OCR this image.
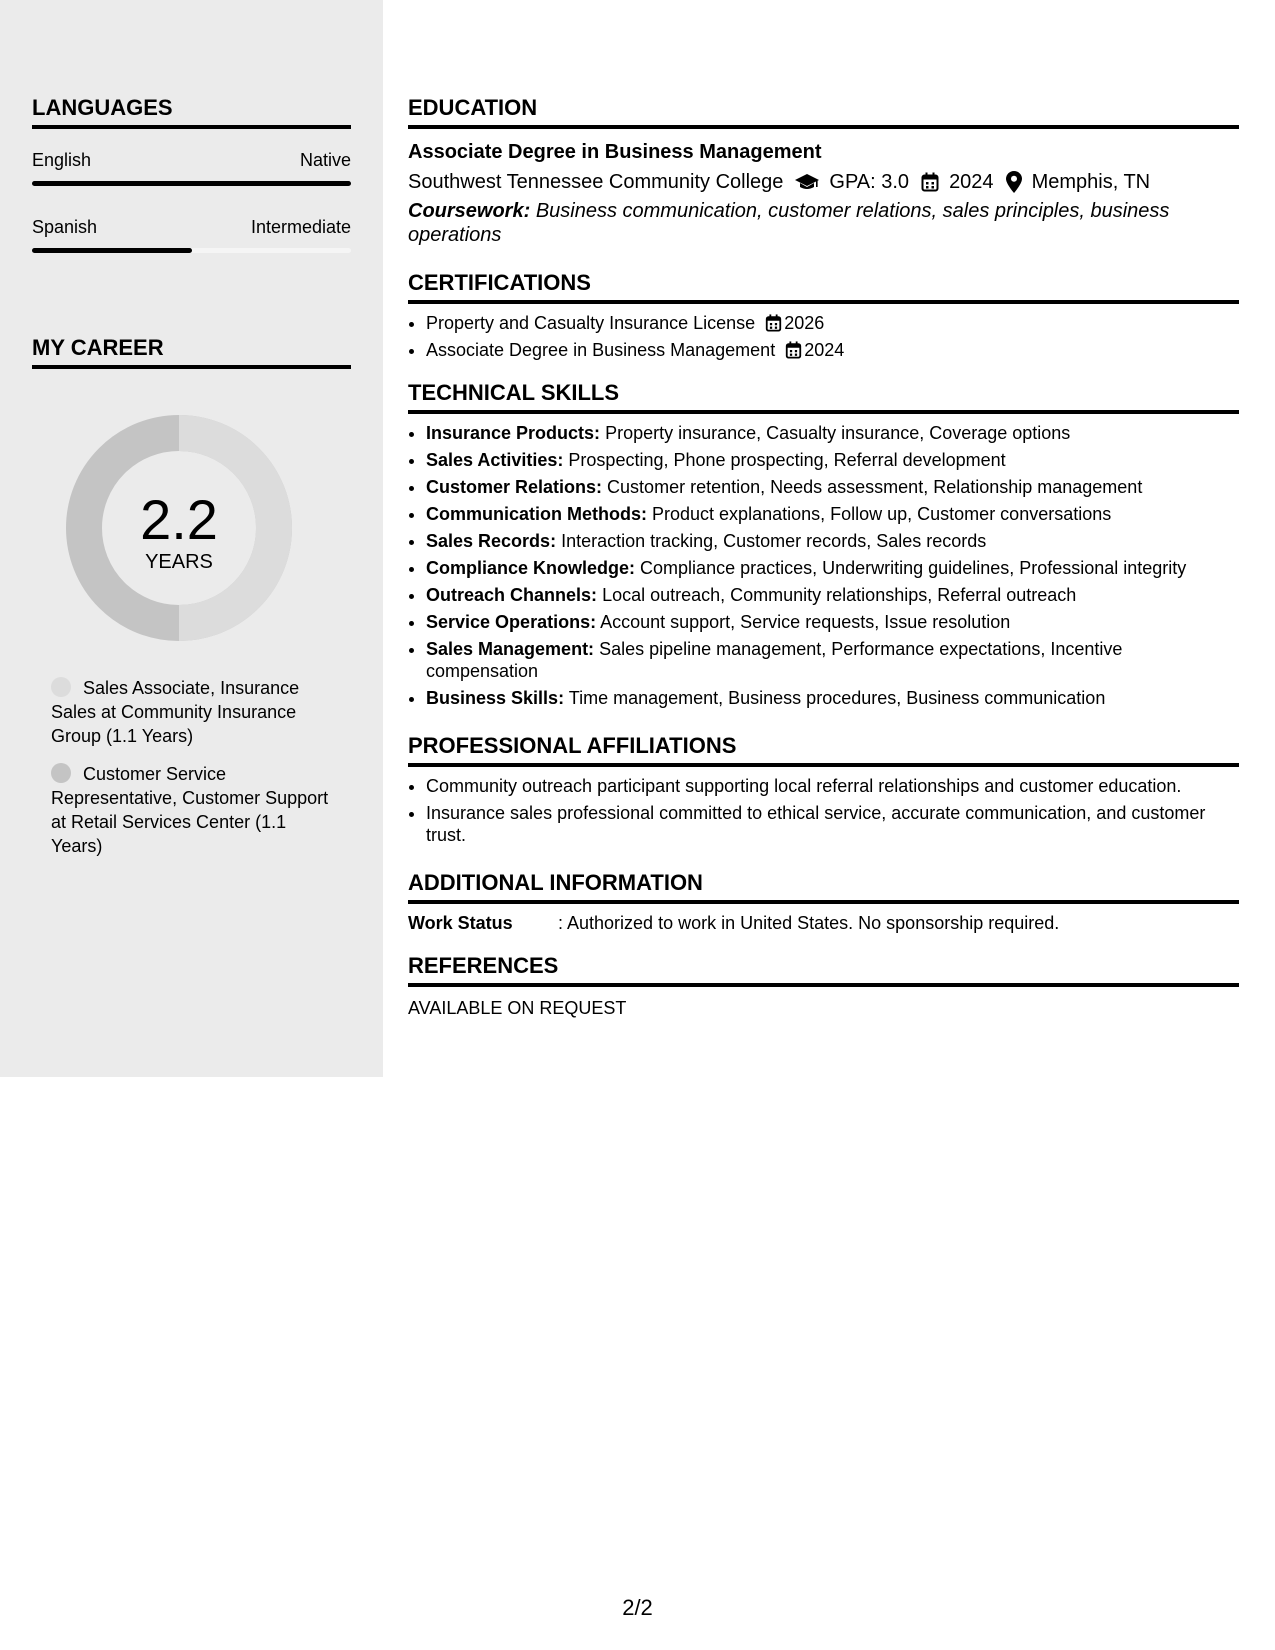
LANGUAGES
English	Native
Spanish	Intermediate
MY CAREER
2.2
YEARS
Sales Associate, Insurance Sales at Community Insurance Group (1.1 Years)
Customer Service Representative, Customer Support at Retail Services Center (1.1 Years)
EDUCATION
Associate Degree in Business Management
Southwest Tennessee Community College GPA: 3.0 2024 Memphis, TN
Coursework: Business communication, customer relations, sales principles, business operations
CERTIFICATIONS
• Property and Casualty Insurance License 2026
• Associate Degree in Business Management 2024
TECHNICAL SKILLS
• Insurance Products: Property insurance, Casualty insurance, Coverage options
• Sales Activities: Prospecting, Phone prospecting, Referral development
• Customer Relations: Customer retention, Needs assessment, Relationship management
• Communication Methods: Product explanations, Follow up, Customer conversations
• Sales Records: Interaction tracking, Customer records, Sales records
• Compliance Knowledge: Compliance practices, Underwriting guidelines, Professional integrity
• Outreach Channels: Local outreach, Community relationships, Referral outreach
• Service Operations: Account support, Service requests, Issue resolution
• Sales Management: Sales pipeline management, Performance expectations, Incentive compensation
• Business Skills: Time management, Business procedures, Business communication
PROFESSIONAL AFFILIATIONS
• Community outreach participant supporting local referral relationships and customer education.
• Insurance sales professional committed to ethical service, accurate communication, and customer trust.
ADDITIONAL INFORMATION
Work Status	: Authorized to work in United States. No sponsorship required.
REFERENCES
AVAILABLE ON REQUEST
2/2
